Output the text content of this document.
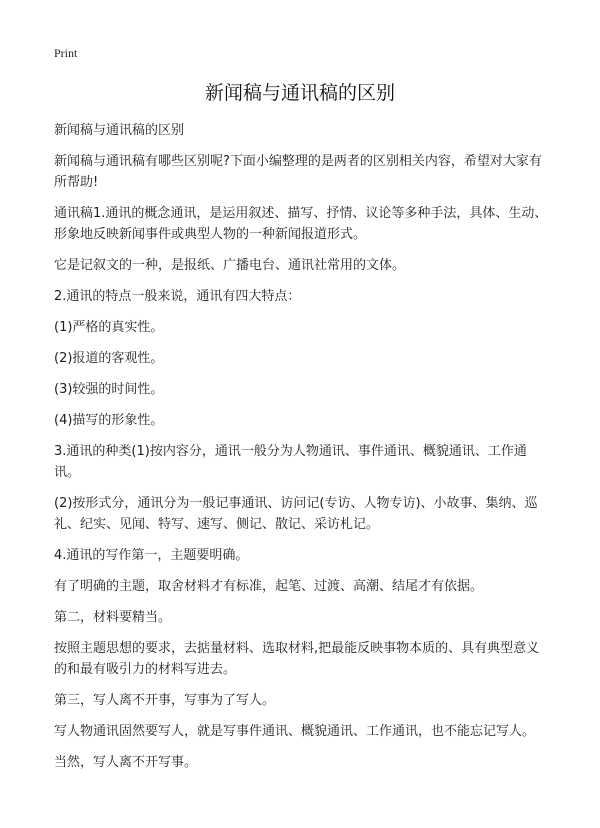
Print
新闻稿与通讯稿的区别

新闻稿与通讯稿的区别

新闻稿与通讯稿有哪些区别呢?下面小编整理的是两者的区别相关内容，希望对大家有所帮助!

通讯稿1.通讯的概念通讯，是运用叙述、描写、抒情、议论等多种手法，具体、生动、形象地反映新闻事件或典型人物的一种新闻报道形式。

它是记叙文的一种，是报纸、广播电台、通讯社常用的文体。

2.通讯的特点一般来说，通讯有四大特点：

(1)严格的真实性。

(2)报道的客观性。

(3)较强的时间性。

(4)描写的形象性。

3.通讯的种类(1)按内容分，通讯一般分为人物通讯、事件通讯、概貌通讯、工作通讯。

(2)按形式分，通讯分为一般记事通讯、访问记(专访、人物专访)、小故事、集纳、巡礼、纪实、见闻、特写、速写、侧记、散记、采访札记。

4.通讯的写作第一，主题要明确。

有了明确的主题，取舍材料才有标准，起笔、过渡、高潮、结尾才有依据。

第二，材料要精当。

按照主题思想的要求，去掂量材料、选取材料,把最能反映事物本质的、具有典型意义的和最有吸引力的材料写进去。

第三，写人离不开事，写事为了写人。

写人物通讯固然要写人，就是写事件通讯、概貌通讯、工作通讯，也不能忘记写人。

当然，写人离不开写事。
